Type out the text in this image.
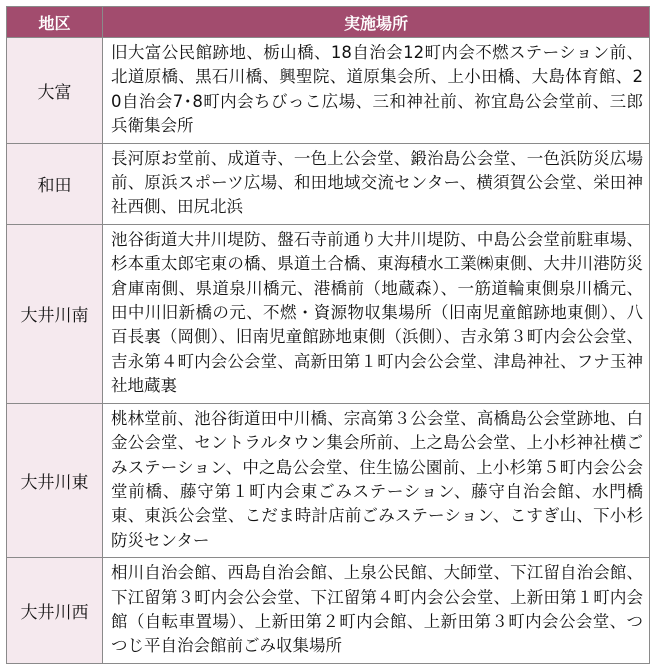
地区	実施場所
大富	旧大富公民館跡地、栃山橋、18自治会12町内会不燃ステーション前、北道原橋、黒石川橋、興聖院、道原集会所、上小田橋、大島体育館、20自治会7･8町内会ちびっこ広場、三和神社前、祢宜島公会堂前、三郎兵衛集会所
和田	長河原お堂前、成道寺、一色上公会堂、鍛治島公会堂、一色浜防災広場前、原浜スポーツ広場、和田地域交流センター、横須賀公会堂、栄田神社西側、田尻北浜
大井川南	池谷街道大井川堤防、盤石寺前通り大井川堤防、中島公会堂前駐車場、杉本重太郎宅東の橋、県道土合橋、東海積水工業㈱東側、大井川港防災倉庫南側、県道泉川橋元、港橋前（地蔵森）、一筋道輪東側泉川橋元、田中川旧新橋の元、不燃・資源物収集場所（旧南児童館跡地東側）、八百長裏（岡側）、旧南児童館跡地東側（浜側）、吉永第３町内会公会堂、吉永第４町内会公会堂、高新田第１町内会公会堂、津島神社、フナ玉神社地蔵裏
大井川東	桃林堂前、池谷街道田中川橋、宗高第３公会堂、高橋島公会堂跡地、白金公会堂、セントラルタウン集会所前、上之島公会堂、上小杉神社横ごみステーション、中之島公会堂、住生協公園前、上小杉第５町内会公会堂前橋、藤守第１町内会東ごみステーション、藤守自治会館、水門橋東、東浜公会堂、こだま時計店前ごみステーション、こすぎ山、下小杉防災センター
大井川西	相川自治会館、西島自治会館、上泉公民館、大師堂、下江留自治会館、下江留第３町内会公会堂、下江留第４町内会公会堂、上新田第１町内会館（自転車置場）、上新田第２町内会館、上新田第３町内会公会堂、つつじ平自治会館前ごみ収集場所
